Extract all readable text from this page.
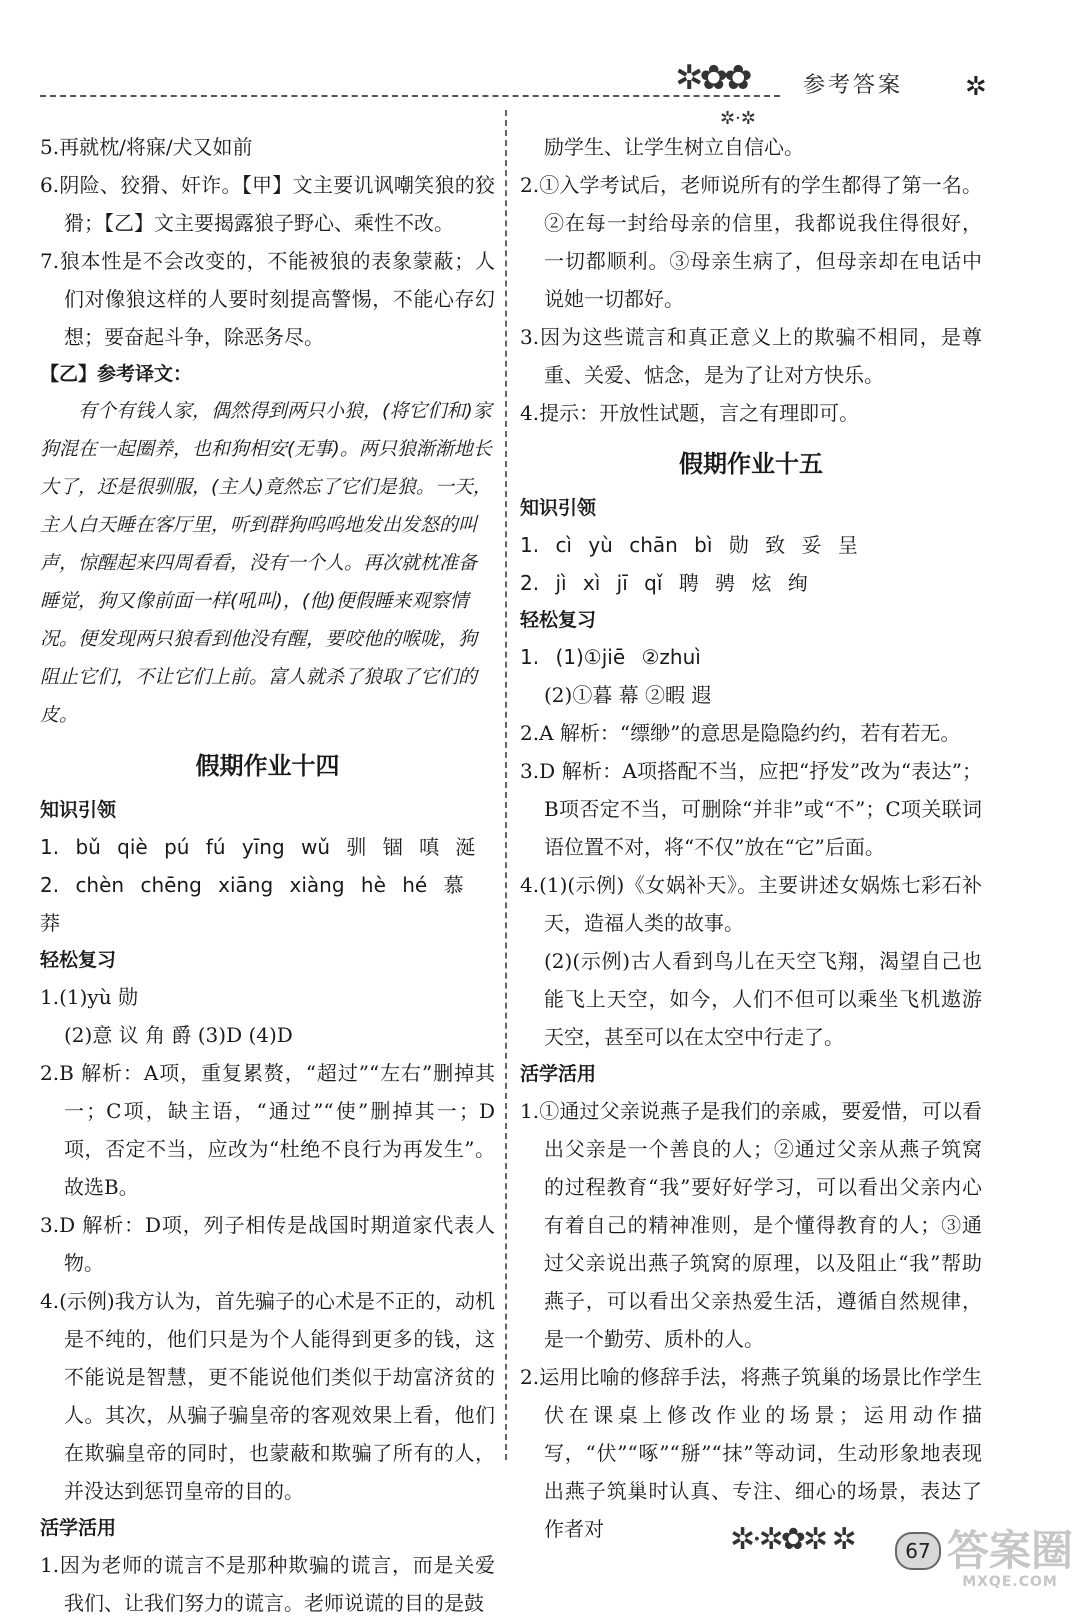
✲✿✿
✲·✲
参考答案 ✲

5.再就枕/将寐/犬又如前

6.阴险、狡猾、奸诈。【甲】文主要讥讽嘲笑狼的狡猾；【乙】文主要揭露狼子野心、乘性不改。

7.狼本性是不会改变的，不能被狼的表象蒙蔽；人们对像狼这样的人要时刻提高警惕，不能心存幻想；要奋起斗争，除恶务尽。

【乙】参考译文：

有个有钱人家，偶然得到两只小狼，(将它们和)家狗混在一起圈养，也和狗相安(无事)。两只狼渐渐地长大了，还是很驯服，(主人)竟然忘了它们是狼。一天，主人白天睡在客厅里，听到群狗呜呜地发出发怒的叫声，惊醒起来四周看看，没有一个人。再次就枕准备睡觉，狗又像前面一样(吼叫)，(他)便假睡来观察情况。便发现两只狼看到他没有醒，要咬他的喉咙，狗阻止它们，不让它们上前。富人就杀了狼取了它们的皮。

假期作业十四

知识引领

1. bǔ qiè pú fú yīng wǔ 驯 锢 嗔 涎

2. chèn chēng xiāng xiàng hè hé 慕 莽

轻松复习

1.(1)yù 勋

(2)意 议 角 爵 (3)D (4)D

2.B 解析：A项，重复累赘，“超过”“左右”删掉其一；C项，缺主语，“通过”“使”删掉其一；D项，否定不当，应改为“杜绝不良行为再发生”。故选B。

3.D 解析：D项，列子相传是战国时期道家代表人物。

4.(示例)我方认为，首先骗子的心术是不正的，动机是不纯的，他们只是为个人能得到更多的钱，这不能说是智慧，更不能说他们类似于劫富济贫的人。其次，从骗子骗皇帝的客观效果上看，他们在欺骗皇帝的同时，也蒙蔽和欺骗了所有的人，并没达到惩罚皇帝的目的。

活学活用

1.因为老师的谎言不是那种欺骗的谎言，而是关爱我们、让我们努力的谎言。老师说谎的目的是鼓

励学生、让学生树立自信心。

2.①入学考试后，老师说所有的学生都得了第一名。②在每一封给母亲的信里，我都说我住得很好，一切都顺利。③母亲生病了，但母亲却在电话中说她一切都好。

3.因为这些谎言和真正意义上的欺骗不相同，是尊重、关爱、惦念，是为了让对方快乐。

4.提示：开放性试题，言之有理即可。

假期作业十五

知识引领

1. cì yù chān bì 勋 致 妥 呈

2. jì xì jī qǐ 聘 骋 炫 绚

轻松复习

1. (1)①jiē ②zhuì

(2)①暮 幕 ②暇 遐

2.A 解析：“缥缈”的意思是隐隐约约，若有若无。

3.D 解析：A项搭配不当，应把“抒发”改为“表达”；B项否定不当，可删除“并非”或“不”；C项关联词语位置不对，将“不仅”放在“它”后面。

4.(1)(示例)《女娲补天》。主要讲述女娲炼七彩石补天，造福人类的故事。

(2)(示例)古人看到鸟儿在天空飞翔，渴望自己也能飞上天空，如今，人们不但可以乘坐飞机遨游天空，甚至可以在太空中行走了。

活学活用

1.①通过父亲说燕子是我们的亲戚，要爱惜，可以看出父亲是一个善良的人；②通过父亲从燕子筑窝的过程教育“我”要好好学习，可以看出父亲内心有着自己的精神准则，是个懂得教育的人；③通过父亲说出燕子筑窝的原理，以及阻止“我”帮助燕子，可以看出父亲热爱生活，遵循自然规律，是一个勤劳、质朴的人。

2.运用比喻的修辞手法，将燕子筑巢的场景比作学生伏在课桌上修改作业的场景；运用动作描写，“伏”“啄”“掰”“抹”等动词，生动形象地表现出燕子筑巢时认真、专注、细心的场景，表达了作者对	✲·✲✿✲ ✲	67 答案圈
MXQE.COM
